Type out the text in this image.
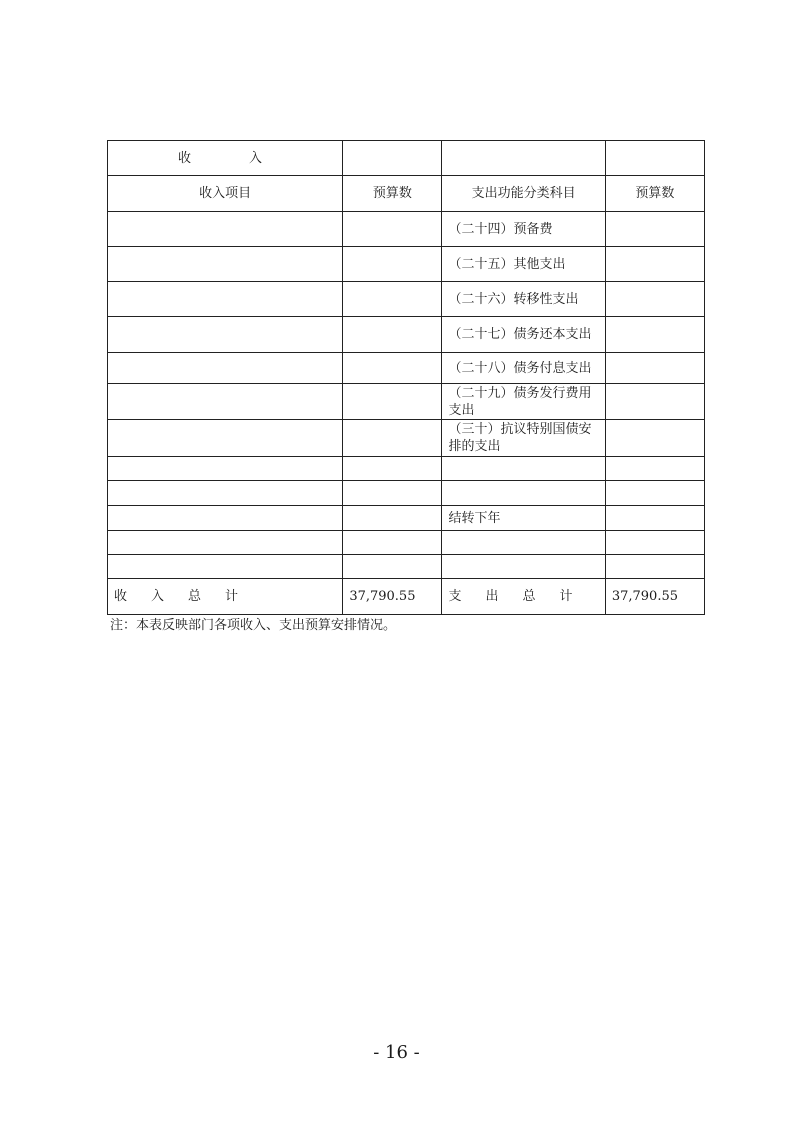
收 入			
收入项目	预算数	支出功能分类科目	预算数
		（二十四）预备费	
		（二十五）其他支出	
		（二十六）转移性支出	
		（二十七）债务还本支出	
		（二十八）债务付息支出	
		（二十九）债务发行费用支出	
		（三十）抗议特别国债安排的支出	

		结转下年	

收 入 总 计	37,790.55	支 出 总 计	37,790.55
注：本表反映部门各项收入、支出预算安排情况。
- 16 -
